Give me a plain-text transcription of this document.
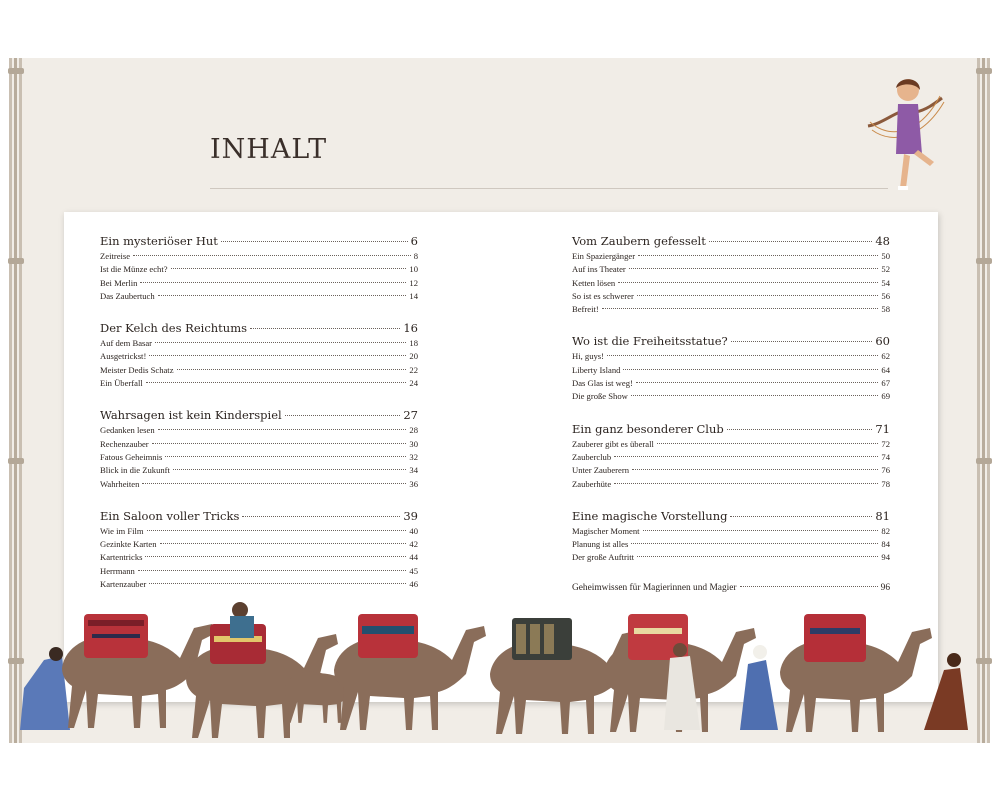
INHALT
Ein mysteriöser Hut	6
Zeitreise	8
Ist die Münze echt?	10
Bei Merlin	12
Das Zaubertuch	14
Der Kelch des Reichtums	16
Auf dem Basar	18
Ausgetrickst!	20
Meister Dedis Schatz	22
Ein Überfall	24
Wahrsagen ist kein Kinderspiel	27
Gedanken lesen	28
Rechenzauber	30
Fatous Geheimnis	32
Blick in die Zukunft	34
Wahrheiten	36
Ein Saloon voller Tricks	39
Wie im Film	40
Gezinkte Karten	42
Kartentricks	44
Herrmann	45
Kartenzauber	46
Vom Zaubern gefesselt	48
Ein Spaziergänger	50
Auf ins Theater	52
Ketten lösen	54
So ist es schwerer	56
Befreit!	58
Wo ist die Freiheitsstatue?	60
Hi, guys!	62
Liberty Island	64
Das Glas ist weg!	67
Die große Show	69
Ein ganz besonderer Club	71
Zauberer gibt es überall	72
Zauberclub	74
Unter Zauberern	76
Zauberhüte	78
Eine magische Vorstellung	81
Magischer Moment	82
Planung ist alles	84
Der große Auftritt	94
Geheimwissen für Magierinnen und Magier	96
